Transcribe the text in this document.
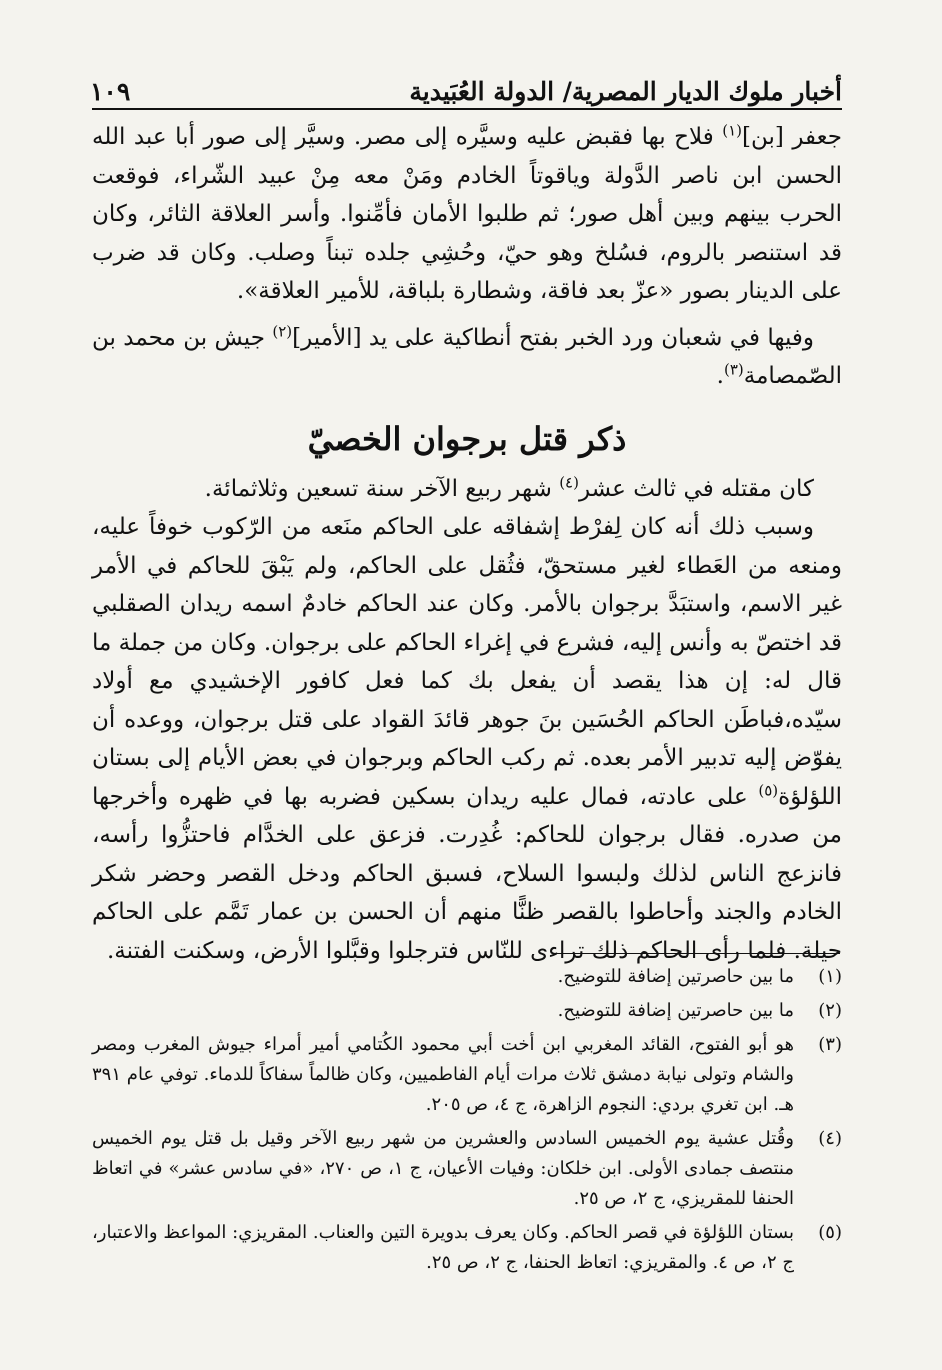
أخبار ملوك الديار المصرية/ الدولة العُبَيدية
١٠٩

جعفر [بن]$^{(١)}$ فلاح بها فقبض عليه وسيَّره إلى مصر. وسيَّر إلى صور أبا عبد الله الحسن ابن ناصر الدَّولة وياقوتاً الخادم ومَنْ معه مِنْ عبيد الشّراء، فوقعت الحرب بينهم وبين أهل صور؛ ثم طلبوا الأمان فأمِّنوا. وأسر العلاقة الثائر، وكان قد استنصر بالروم، فسُلخ وهو حيّ، وحُشِي جلده تبناً وصلب. وكان قد ضرب على الدينار بصور «عزّ بعد فاقة، وشطارة بلباقة، للأمير العلاقة».

وفيها في شعبان ورد الخبر بفتح أنطاكية على يد [الأمير]$^{(٢)}$ جيش بن محمد بن الصّمصامة$^{(٣)}$.

ذكر قتل برجوان الخصيّ

كان مقتله في ثالث عشر$^{(٤)}$ شهر ربيع الآخر سنة تسعين وثلاثمائة.

وسبب ذلك أنه كان لِفرْط إشفاقه على الحاكم منَعه من الرّكوب خوفاً عليه، ومنعه من العَطاء لغير مستحقّ، فثُقل على الحاكم، ولم يَبْقَ للحاكم في الأمر غير الاسم، واستبَدَّ برجوان بالأمر. وكان عند الحاكم خادمٌ اسمه ريدان الصقلبي قد اختصّ به وأنس إليه، فشرع في إغراء الحاكم على برجوان. وكان من جملة ما قال له: إن هذا يقصد أن يفعل بك كما فعل كافور الإخشيدي مع أولاد سيّده،فباطَن الحاكم الحُسَين بنَ جوهر قائدَ القواد على قتل برجوان، ووعده أن يفوّض إليه تدبير الأمر بعده. ثم ركب الحاكم وبرجوان في بعض الأيام إلى بستان اللؤلؤة$^{(٥)}$ على عادته، فمال عليه ريدان بسكين فضربه بها في ظهره وأخرجها من صدره. فقال برجوان للحاكم: غُدِرت. فزعق على الخدَّام فاحتزُّوا رأسه، فانزعج الناس لذلك ولبسوا السلاح، فسبق الحاكم ودخل القصر وحضر شكر الخادم والجند وأحاطوا بالقصر ظنًّا منهم أن الحسن بن عمار تَمَّم على الحاكم حيلة. فلما رأى الحاكم ذلك تراءى للنّاس فترجلوا وقبَّلوا الأرض، وسكنت الفتنة.

(١)
ما بين حاصرتين إضافة للتوضيح.
(٢)
ما بين حاصرتين إضافة للتوضيح.
(٣)
هو أبو الفتوح، القائد المغربي ابن أخت أبي محمود الكُتامي أمير أمراء جيوش المغرب ومصر والشام وتولى نيابة دمشق ثلاث مرات أيام الفاطميين، وكان ظالماً سفاكاً للدماء. توفي عام ٣٩١ هـ. ابن تغري بردي: النجوم الزاهرة، ج ٤، ص ٢٠٥.
(٤)
وقُتل عشية يوم الخميس السادس والعشرين من شهر ربيع الآخر وقيل بل قتل يوم الخميس منتصف جمادى الأولى. ابن خلكان: وفيات الأعيان، ج ١، ص ٢٧٠، «في سادس عشر» في اتعاظ الحنفا للمقريزي، ج ٢، ص ٢٥.
(٥)
بستان اللؤلؤة في قصر الحاكم. وكان يعرف بدويرة التين والعناب. المقريزي: المواعظ والاعتبار، ج ٢، ص ٤. والمقريزي: اتعاظ الحنفا، ج ٢، ص ٢٥.
